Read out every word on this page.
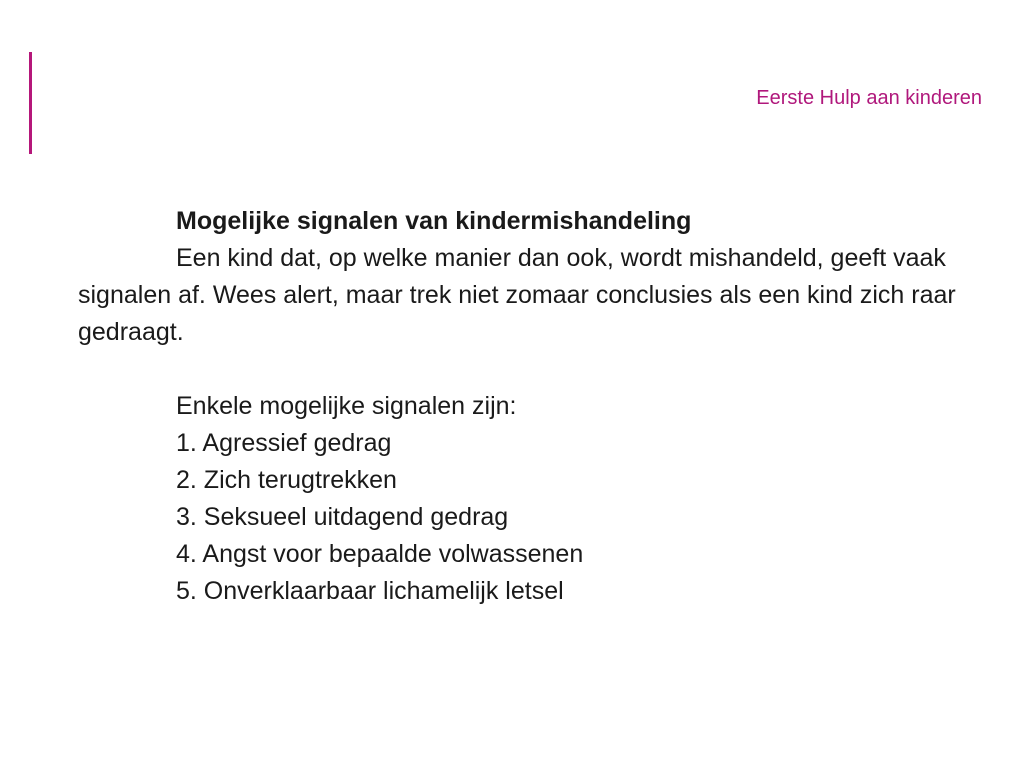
Eerste Hulp aan kinderen
Mogelijke signalen van kindermishandeling

Een kind dat, op welke manier dan ook, wordt mishandeld, geeft vaak signalen af. Wees alert, maar trek niet zomaar conclusies als een kind zich raar gedraagt.

Enkele mogelijke signalen zijn:
1. Agressief gedrag
2. Zich terugtrekken
3. Seksueel uitdagend gedrag
4. Angst voor bepaalde volwassenen
5. Onverklaarbaar lichamelijk letsel
